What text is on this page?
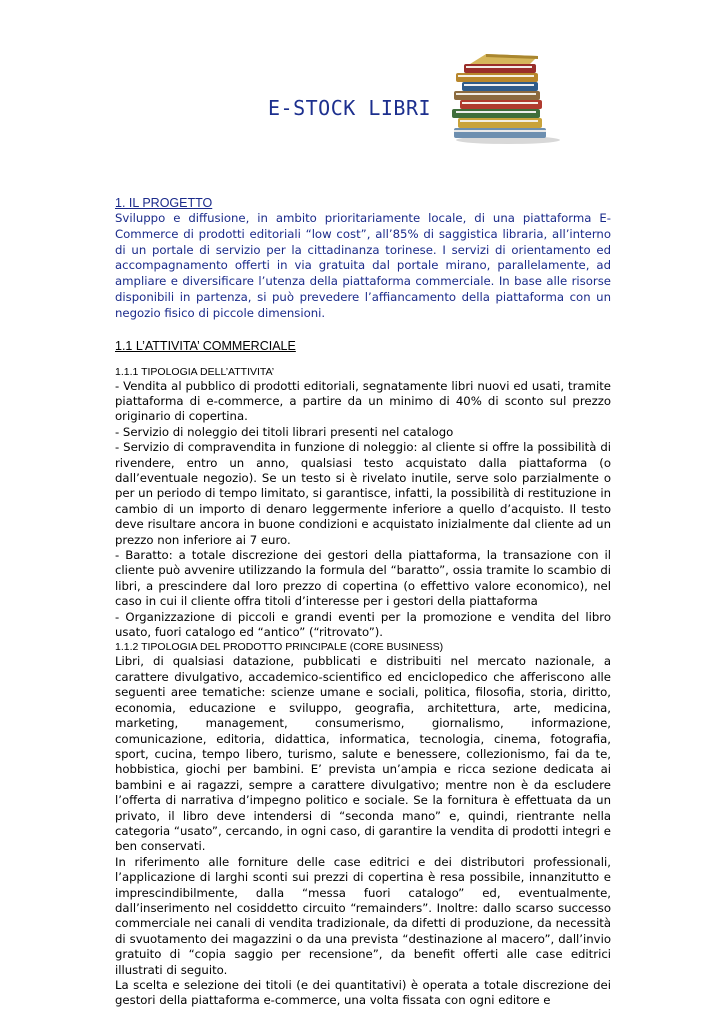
E-STOCK LIBRI

1. IL PROGETTO

Sviluppo e diffusione, in ambito prioritariamente locale, di una piattaforma E-Commerce di prodotti editoriali “low cost”, all’85% di saggistica libraria, all’interno di un portale di servizio per la cittadinanza torinese. I servizi di orientamento ed accompagnamento offerti in via gratuita dal portale mirano, parallelamente, ad ampliare e diversificare l’utenza della piattaforma commerciale. In base alle risorse disponibili in partenza, si può prevedere l’affiancamento della piattaforma con un negozio fisico di piccole dimensioni.

1.1 L’ATTIVITA’ COMMERCIALE

1.1.1 TIPOLOGIA DELL’ATTIVITA’

- Vendita al pubblico di prodotti editoriali, segnatamente libri nuovi ed usati, tramite piattaforma di e-commerce, a partire da un minimo di 40% di sconto sul prezzo originario di copertina.

- Servizio di noleggio dei titoli librari presenti nel catalogo

- Servizio di compravendita in funzione di noleggio: al cliente si offre la possibilità di rivendere, entro un anno, qualsiasi testo acquistato dalla piattaforma (o dall’eventuale negozio). Se un testo si è rivelato inutile, serve solo parzialmente o per un periodo di tempo limitato, si garantisce, infatti, la possibilità di restituzione in cambio di un importo di denaro leggermente inferiore a quello d’acquisto. Il testo deve risultare ancora in buone condizioni e acquistato inizialmente dal cliente ad un prezzo non inferiore ai 7 euro.

- Baratto: a totale discrezione dei gestori della piattaforma, la transazione con il cliente può avvenire utilizzando la formula del “baratto”, ossia tramite lo scambio di libri, a prescindere dal loro prezzo di copertina (o effettivo valore economico), nel caso in cui il cliente offra titoli d’interesse per i gestori della piattaforma

- Organizzazione di piccoli e grandi eventi per la promozione e vendita del libro usato, fuori catalogo ed “antico” (“ritrovato”).

1.1.2 TIPOLOGIA DEL PRODOTTO PRINCIPALE (CORE BUSINESS)

Libri, di qualsiasi datazione, pubblicati e distribuiti nel mercato nazionale, a carattere divulgativo, accademico-scientifico ed enciclopedico che afferiscono alle seguenti aree tematiche: scienze umane e sociali, politica, filosofia, storia, diritto, economia, educazione e sviluppo, geografia, architettura, arte, medicina, marketing, management, consumerismo, giornalismo, informazione, comunicazione, editoria, didattica, informatica, tecnologia, cinema, fotografia, sport, cucina, tempo libero, turismo, salute e benessere, collezionismo, fai da te, hobbistica, giochi per bambini. E’ prevista un’ampia e ricca sezione dedicata ai bambini e ai ragazzi, sempre a carattere divulgativo; mentre non è da escludere l’offerta di narrativa d’impegno politico e sociale. Se la fornitura è effettuata da un privato, il libro deve intendersi di “seconda mano” e, quindi, rientrante nella categoria “usato”, cercando, in ogni caso, di garantire la vendita di prodotti integri e ben conservati.

In riferimento alle forniture delle case editrici e dei distributori professionali, l’applicazione di larghi sconti sui prezzi di copertina è resa possibile, innanzitutto e imprescindibilmente, dalla “messa fuori catalogo” ed, eventualmente, dall’inserimento nel cosiddetto circuito “remainders”. Inoltre: dallo scarso successo commerciale nei canali di vendita tradizionale, da difetti di produzione, da necessità di svuotamento dei magazzini o da una prevista “destinazione al macero”, dall’invio gratuito di “copia saggio per recensione”, da benefit offerti alle case editrici illustrati di seguito.

La scelta e selezione dei titoli (e dei quantitativi) è operata a totale discrezione dei gestori della piattaforma e-commerce, una volta fissata con ogni editore e
